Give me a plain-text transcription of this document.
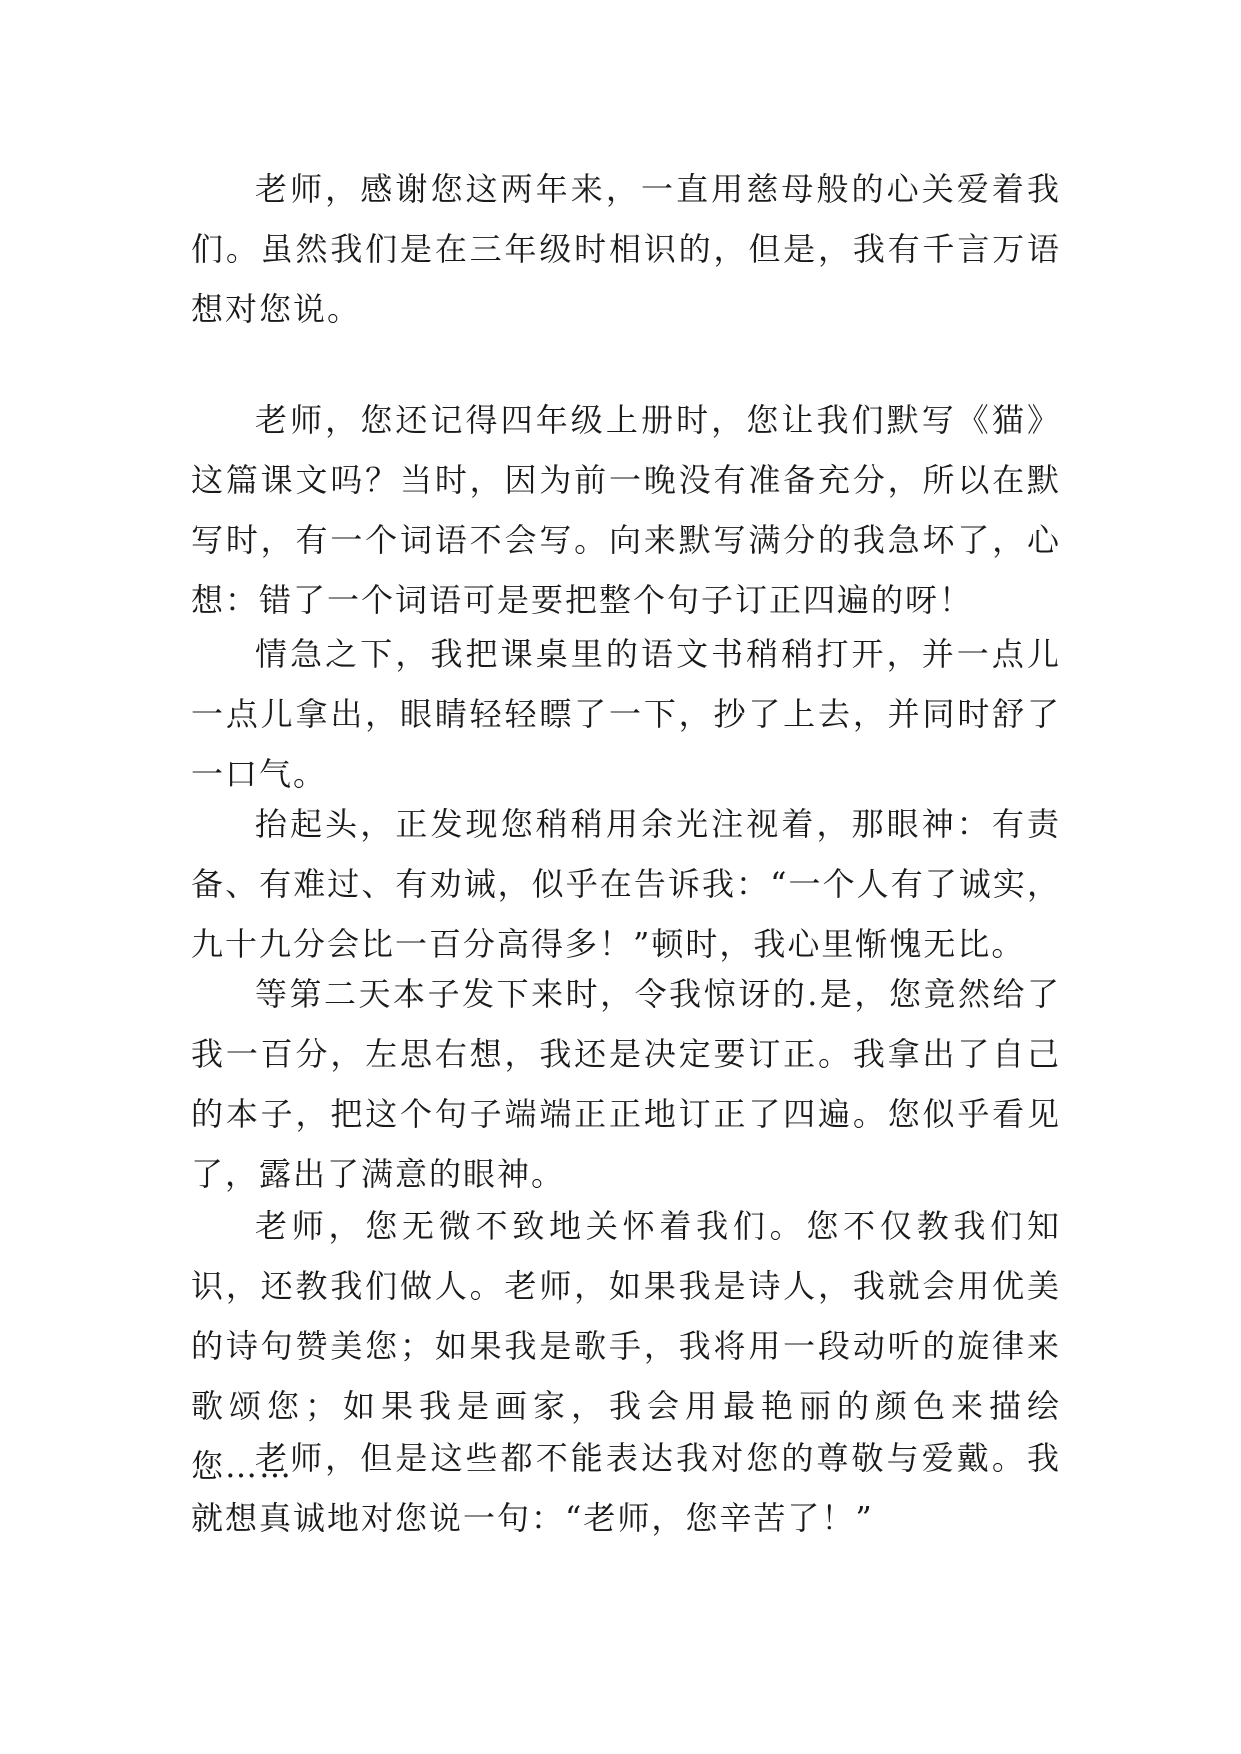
老师，感谢您这两年来，一直用慈母般的心关爱着我们。虽然我们是在三年级时相识的，但是，我有千言万语想对您说。

老师，您还记得四年级上册时，您让我们默写《猫》这篇课文吗？当时，因为前一晚没有准备充分，所以在默写时，有一个词语不会写。向来默写满分的我急坏了，心想：错了一个词语可是要把整个句子订正四遍的呀！

情急之下，我把课桌里的语文书稍稍打开，并一点儿一点儿拿出，眼睛轻轻瞟了一下，抄了上去，并同时舒了一口气。

抬起头，正发现您稍稍用余光注视着，那眼神：有责备、有难过、有劝诫，似乎在告诉我：“一个人有了诚实，九十九分会比一百分高得多！”顿时，我心里惭愧无比。

等第二天本子发下来时，令我惊讶的.是，您竟然给了我一百分，左思右想，我还是决定要订正。我拿出了自己的本子，把这个句子端端正正地订正了四遍。您似乎看见了，露出了满意的眼神。

老师，您无微不致地关怀着我们。您不仅教我们知识，还教我们做人。老师，如果我是诗人，我就会用优美的诗句赞美您；如果我是歌手，我将用一段动听的旋律来歌颂您；如果我是画家，我会用最艳丽的颜色来描绘您……

老师，但是这些都不能表达我对您的尊敬与爱戴。我就想真诚地对您说一句：“老师，您辛苦了！”
